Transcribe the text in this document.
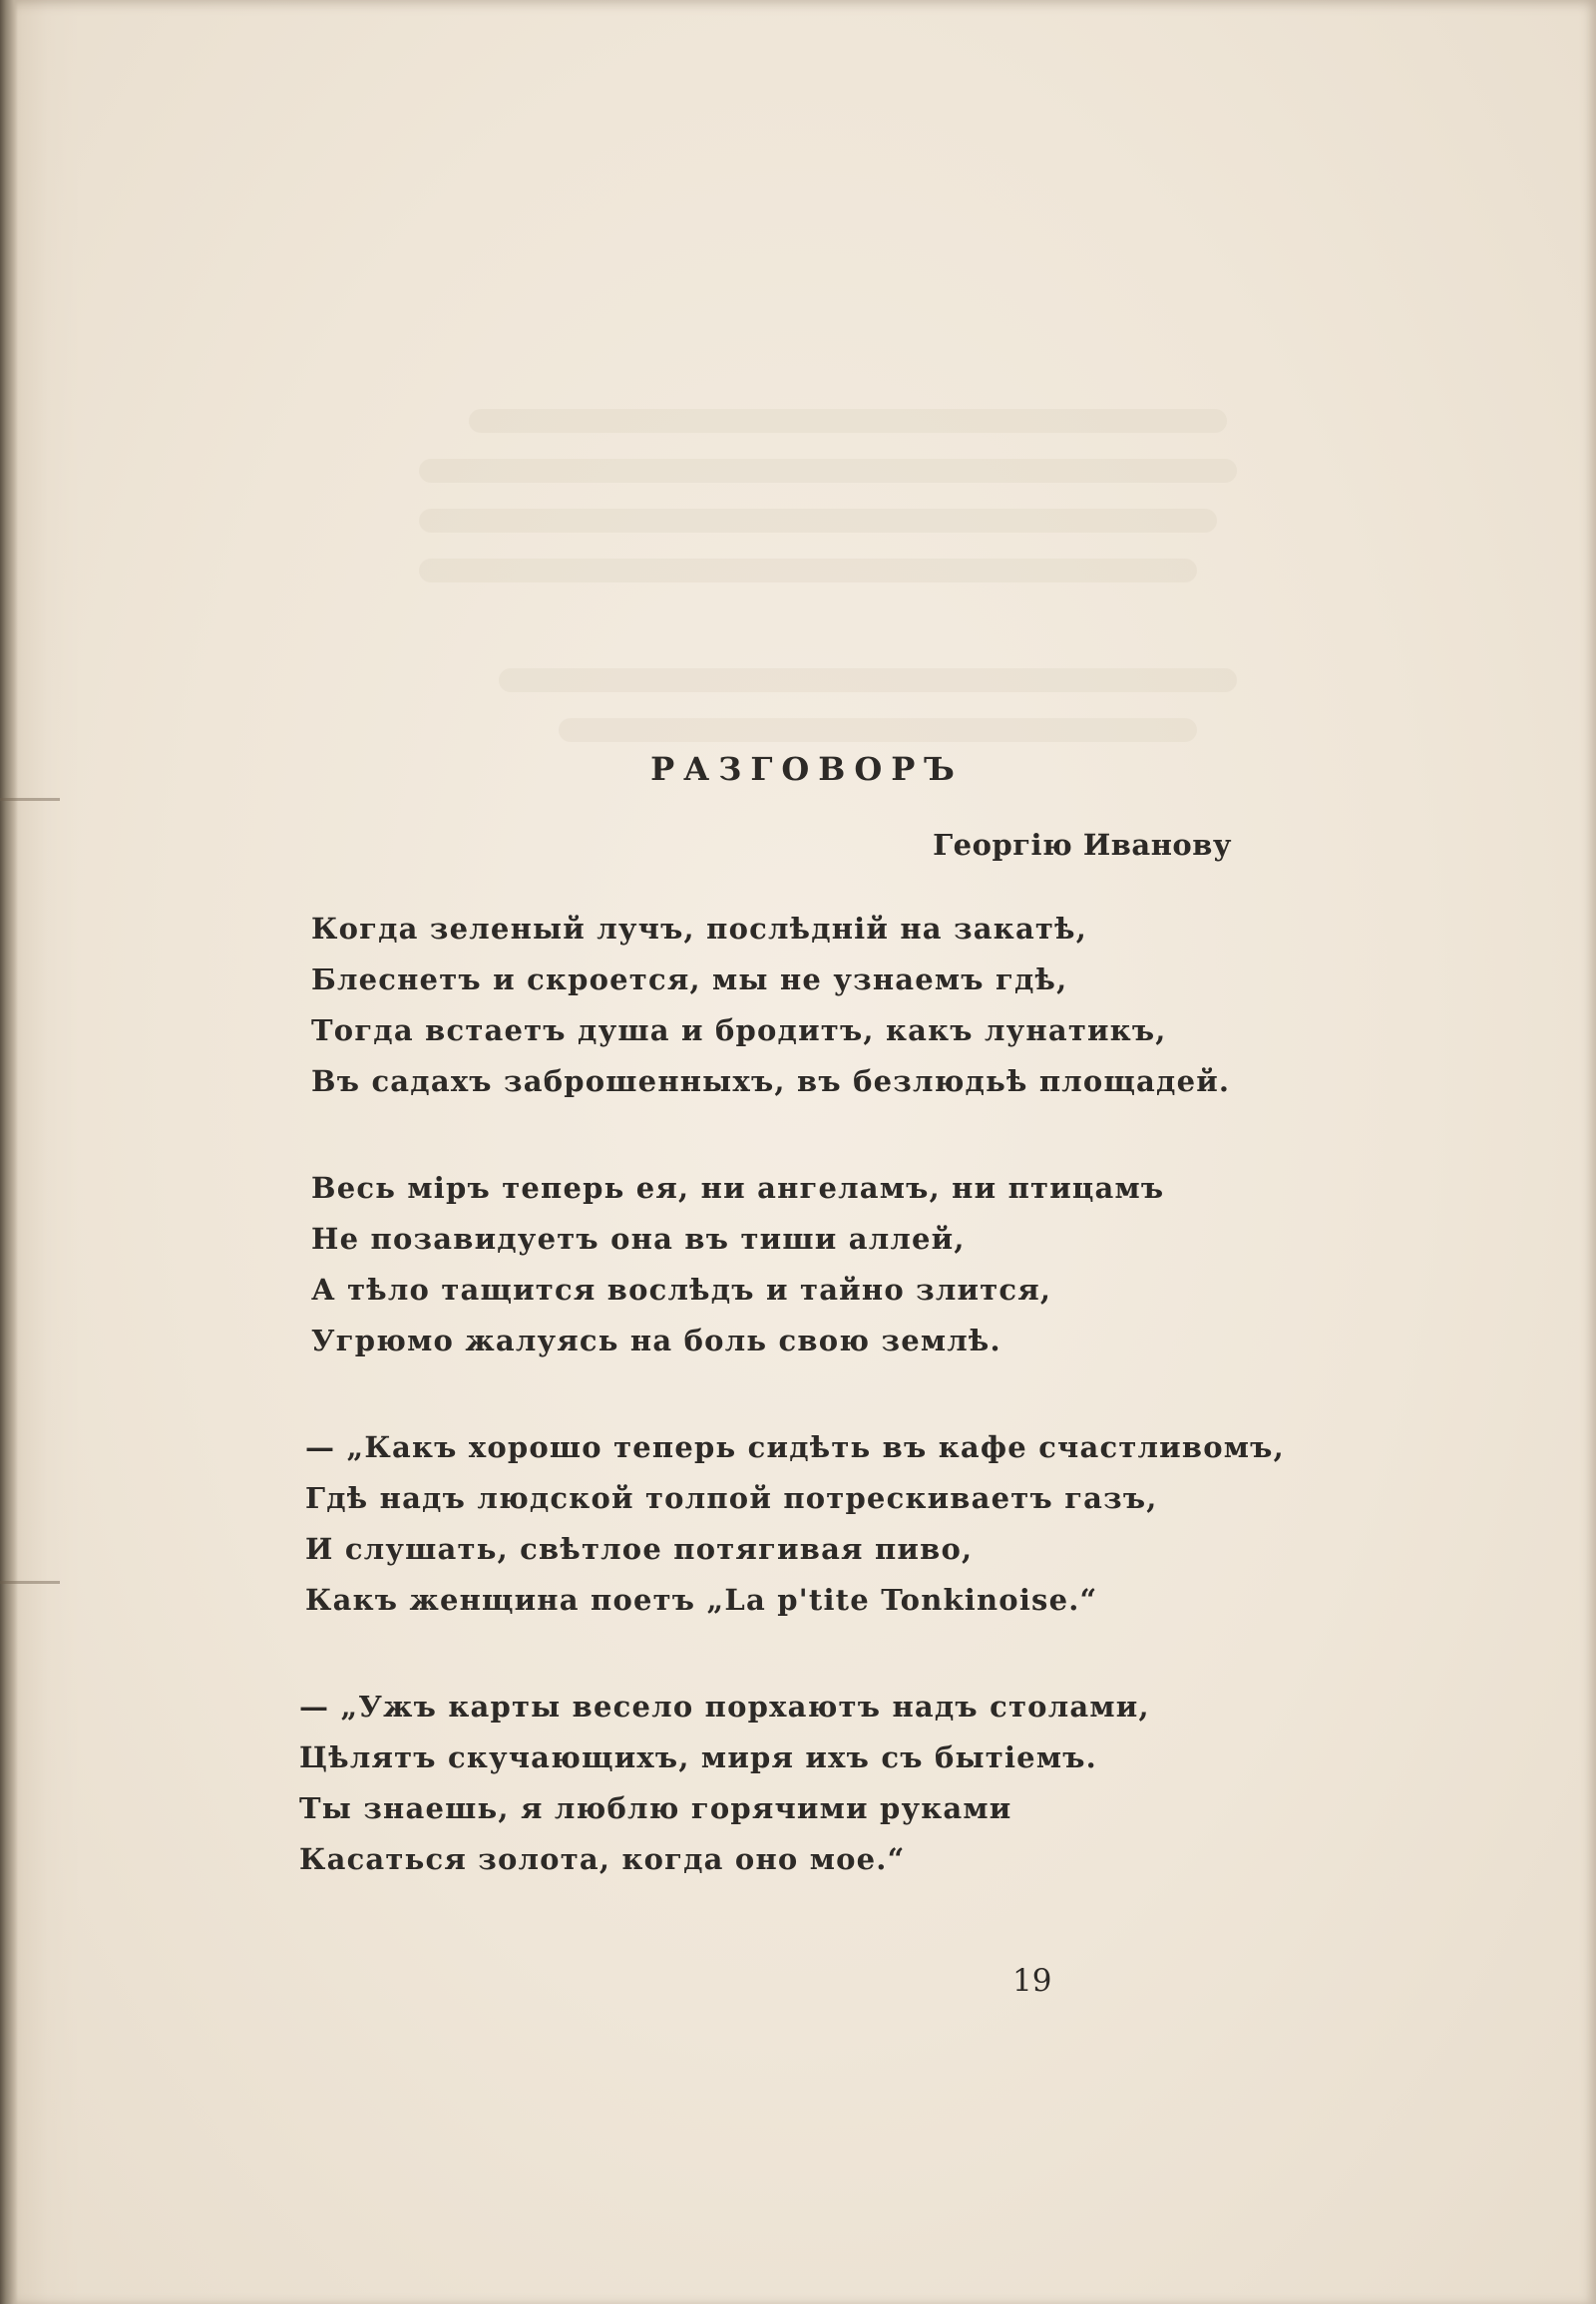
РАЗГОВОРЪ
Георгію Иванову
Когда зеленый лучъ, послѣдній на закатѣ,
Блеснетъ и скроется, мы не узнаемъ гдѣ,
Тогда встаетъ душа и бродитъ, какъ лунатикъ,
Въ садахъ заброшенныхъ, въ безлюдьѣ площадей.
Весь міръ теперь ея, ни ангеламъ, ни птицамъ
Не позавидуетъ она въ тиши аллей,
А тѣло тащится вослѣдъ и тайно злится,
Угрюмо жалуясь на боль свою землѣ.
— „Какъ хорошо теперь сидѣть въ кафе счастливомъ,
Гдѣ надъ людской толпой потрескиваетъ газъ,
И слушать, свѣтлое потягивая пиво,
Какъ женщина поетъ „La p'tite Tonkinoise.“
— „Ужъ карты весело порхаютъ надъ столами,
Цѣлятъ скучающихъ, миря ихъ съ бытіемъ.
Ты знаешь, я люблю горячими руками
Касаться золота, когда оно мое.“
19
